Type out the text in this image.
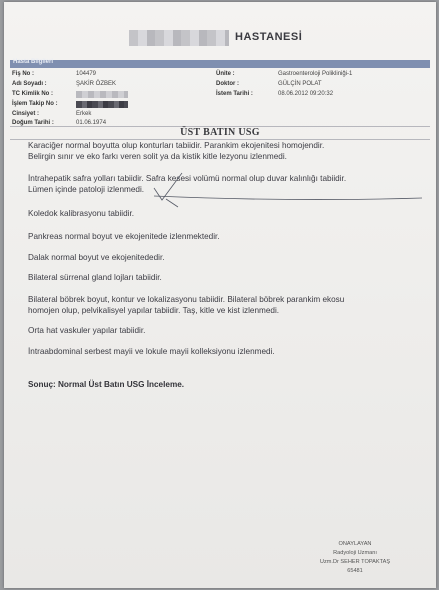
HASTANESİ
Hasta Bilgileri
Fiş No :	104479
Adı Soyadı :	ŞAKİR ÖZBEK
TC Kimlik No :
İşlem Takip No :
Cinsiyet :	Erkek
Doğum Tarihi :	01.06.1974
Ünite :	Gastroenteroloji Polikliniği-1
Doktor :	GÜLÇİN POLAT
İstem Tarihi :	08.06.2012 09:20:32
ÜST BATIN USG
Karaciğer normal boyutta olup konturları tabiidir. Parankim ekojenitesi homojendir.
Belirgin sınır ve eko farkı veren solit ya da kistik kitle lezyonu izlenmedi.
İntrahepatik safra yolları tabiidir. Safra kesesi volümü normal olup duvar kalınlığı tabiidir.
Lümen içinde patoloji izlenmedi.
Koledok kalibrasyonu tabiidir.
Pankreas normal boyut ve ekojenitede izlenmektedir.
Dalak normal boyut ve ekojenitededir.
Bilateral sürrenal gland lojları tabiidir.
Bilateral böbrek boyut, kontur ve lokalizasyonu tabiidir. Bilateral böbrek parankim ekosu
homojen olup, pelvikalisyel yapılar tabiidir. Taş, kitle ve kist izlenmedi.
Orta hat vaskuler yapılar tabiidir.
İntraabdominal serbest mayii ve lokule mayii kolleksiyonu izlenmedi.
Sonuç: Normal Üst Batın USG İnceleme.
ONAYLAYAN
Radyoloji Uzmanı
Uzm.Dr SEHER TOPAKTAŞ
65481
